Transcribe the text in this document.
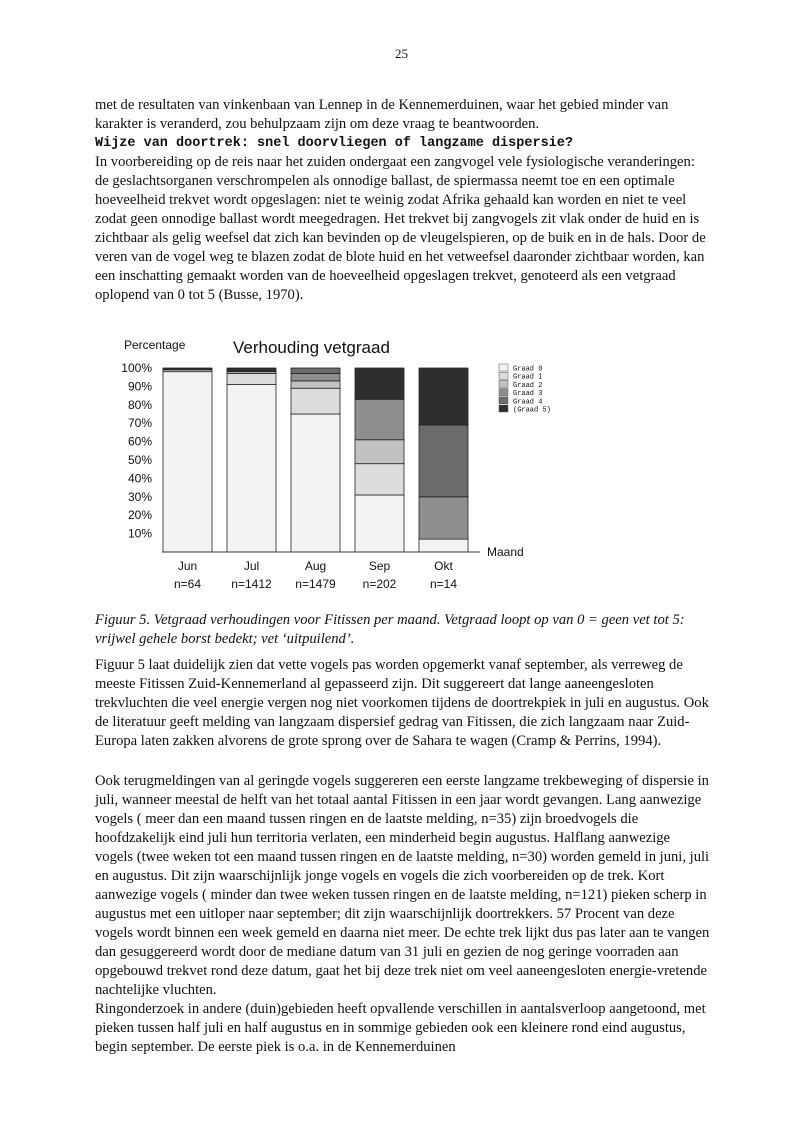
25

met de resultaten van vinkenbaan van Lennep in de Kennemerduinen, waar het gebied minder van karakter is veranderd, zou behulpzaam zijn om deze vraag te beantwoorden.

Wijze van doortrek: snel doorvliegen of langzame dispersie?

In voorbereiding op de reis naar het zuiden ondergaat een zangvogel vele fysiologische veranderingen: de geslachtsorganen verschrompelen als onnodige ballast, de spiermassa neemt toe en een optimale hoeveelheid trekvet wordt opgeslagen: niet te weinig zodat Afrika gehaald kan worden en niet te veel zodat geen onnodige ballast wordt meegedragen. Het trekvet bij zangvogels zit vlak onder de huid en is zichtbaar als gelig weefsel dat zich kan bevinden op de vleugelspieren, op de buik en in de hals. Door de veren van de vogel weg te blazen zodat de blote huid en het vetweefsel daaronder zichtbaar worden, kan een inschatting gemaakt worden van de hoeveelheid opgeslagen trekvet, genoteerd als een vetgraad oplopend van 0 tot 5 (Busse, 1970).

Percentage	Verhouding vetgraad
10%
20%
30%
40%
50%
60%
70%
80%
90%
100%
Jun
n=64
Jul
n=1412
Aug
n=1479
Sep
n=202
Okt
n=14
Graad 0
Graad 1
Graad 2
Graad 3
Graad 4
(Graad 5)
Maand

Figuur 5. Vetgraad verhoudingen voor Fitissen per maand. Vetgraad loopt op van 0 = geen vet tot 5: vrijwel gehele borst bedekt; vet ‘uitpuilend’.

Figuur 5 laat duidelijk zien dat vette vogels pas worden opgemerkt vanaf september, als verreweg de meeste Fitissen Zuid-Kennemerland al gepasseerd zijn. Dit suggereert dat lange aaneengesloten trekvluchten die veel energie vergen nog niet voorkomen tijdens de doortrekpiek in juli en augustus. Ook de literatuur geeft melding van langzaam dispersief gedrag van Fitissen, die zich langzaam naar Zuid-Europa laten zakken alvorens de grote sprong over de Sahara te wagen (Cramp & Perrins, 1994).

Ook terugmeldingen van al geringde vogels suggereren een eerste langzame trekbeweging of dispersie in juli, wanneer meestal de helft van het totaal aantal Fitissen in een jaar wordt gevangen. Lang aanwezige vogels ( meer dan een maand tussen ringen en de laatste melding, n=35) zijn broedvogels die hoofdzakelijk eind juli hun territoria verlaten, een minderheid begin augustus. Halflang aanwezige vogels (twee weken tot een maand tussen ringen en de laatste melding, n=30) worden gemeld in juni, juli en augustus. Dit zijn waarschijnlijk jonge vogels en vogels die zich voorbereiden op de trek. Kort aanwezige vogels ( minder dan twee weken tussen ringen en de laatste melding, n=121) pieken scherp in augustus met een uitloper naar september; dit zijn waarschijnlijk doortrekkers. 57 Procent van deze vogels wordt binnen een week gemeld en daarna niet meer. De echte trek lijkt dus pas later aan te vangen dan gesuggereerd wordt door de mediane datum van 31 juli en gezien de nog geringe voorraden aan opgebouwd trekvet rond deze datum, gaat het bij deze trek niet om veel aaneengesloten energie-vretende nachtelijke vluchten.

Ringonderzoek in andere (duin)gebieden heeft opvallende verschillen in aantalsverloop aangetoond, met pieken tussen half juli en half augustus en in sommige gebieden ook een kleinere rond eind augustus, begin september. De eerste piek is o.a. in de Kennemerduinen
